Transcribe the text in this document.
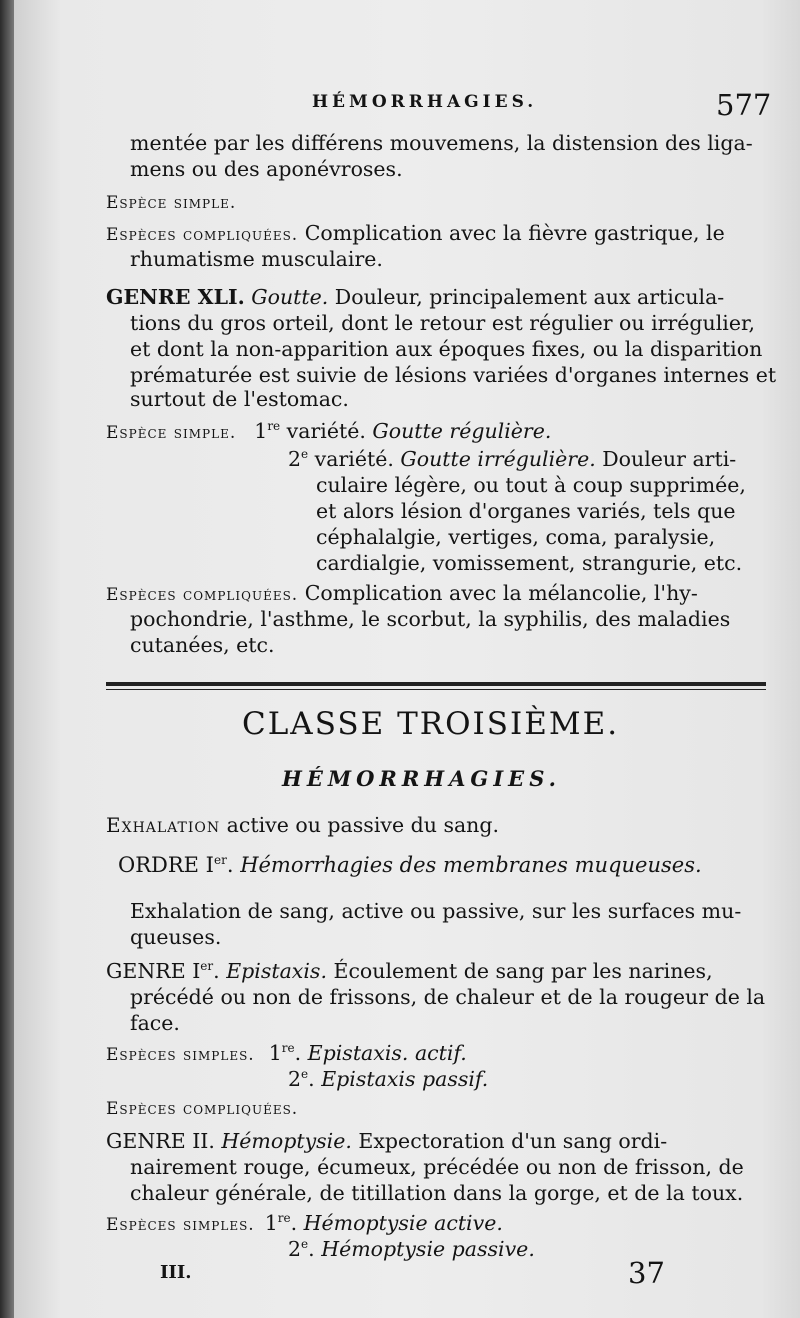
HÉMORRHAGIES.	577
mentée par les différens mouvemens, la distension des liga-
mens ou des aponévroses.
Espèce simple.
Espèces compliquées. Complication avec la fièvre gastrique, le
rhumatisme musculaire.
GENRE XLI. Goutte. Douleur, principalement aux articula-
tions du gros orteil, dont le retour est régulier ou irrégulier,
et dont la non-apparition aux époques fixes, ou la disparition
prématurée est suivie de lésions variées d'organes internes et
surtout de l'estomac.
Espèce simple. 1re variété. Goutte régulière.
2e variété. Goutte irrégulière. Douleur arti-
culaire légère, ou tout à coup supprimée,
et alors lésion d'organes variés, tels que
céphalalgie, vertiges, coma, paralysie,
cardialgie, vomissement, strangurie, etc.
Espèces compliquées. Complication avec la mélancolie, l'hy-
pochondrie, l'asthme, le scorbut, la syphilis, des maladies
cutanées, etc.
CLASSE TROISIÈME.
HÉMORRHAGIES.
Exhalation active ou passive du sang.
ORDRE Ier. Hémorrhagies des membranes muqueuses.
Exhalation de sang, active ou passive, sur les surfaces mu-
queuses.
GENRE Ier. Epistaxis. Écoulement de sang par les narines,
précédé ou non de frissons, de chaleur et de la rougeur de la
face.
Espèces simples. 1re. Epistaxis. actif.
2e. Epistaxis passif.
Espèces compliquées.
GENRE II. Hémoptysie. Expectoration d'un sang ordi-
nairement rouge, écumeux, précédée ou non de frisson, de
chaleur générale, de titillation dans la gorge, et de la toux.
Espèces simples. 1re. Hémoptysie active.
2e. Hémoptysie passive.
III.	37
